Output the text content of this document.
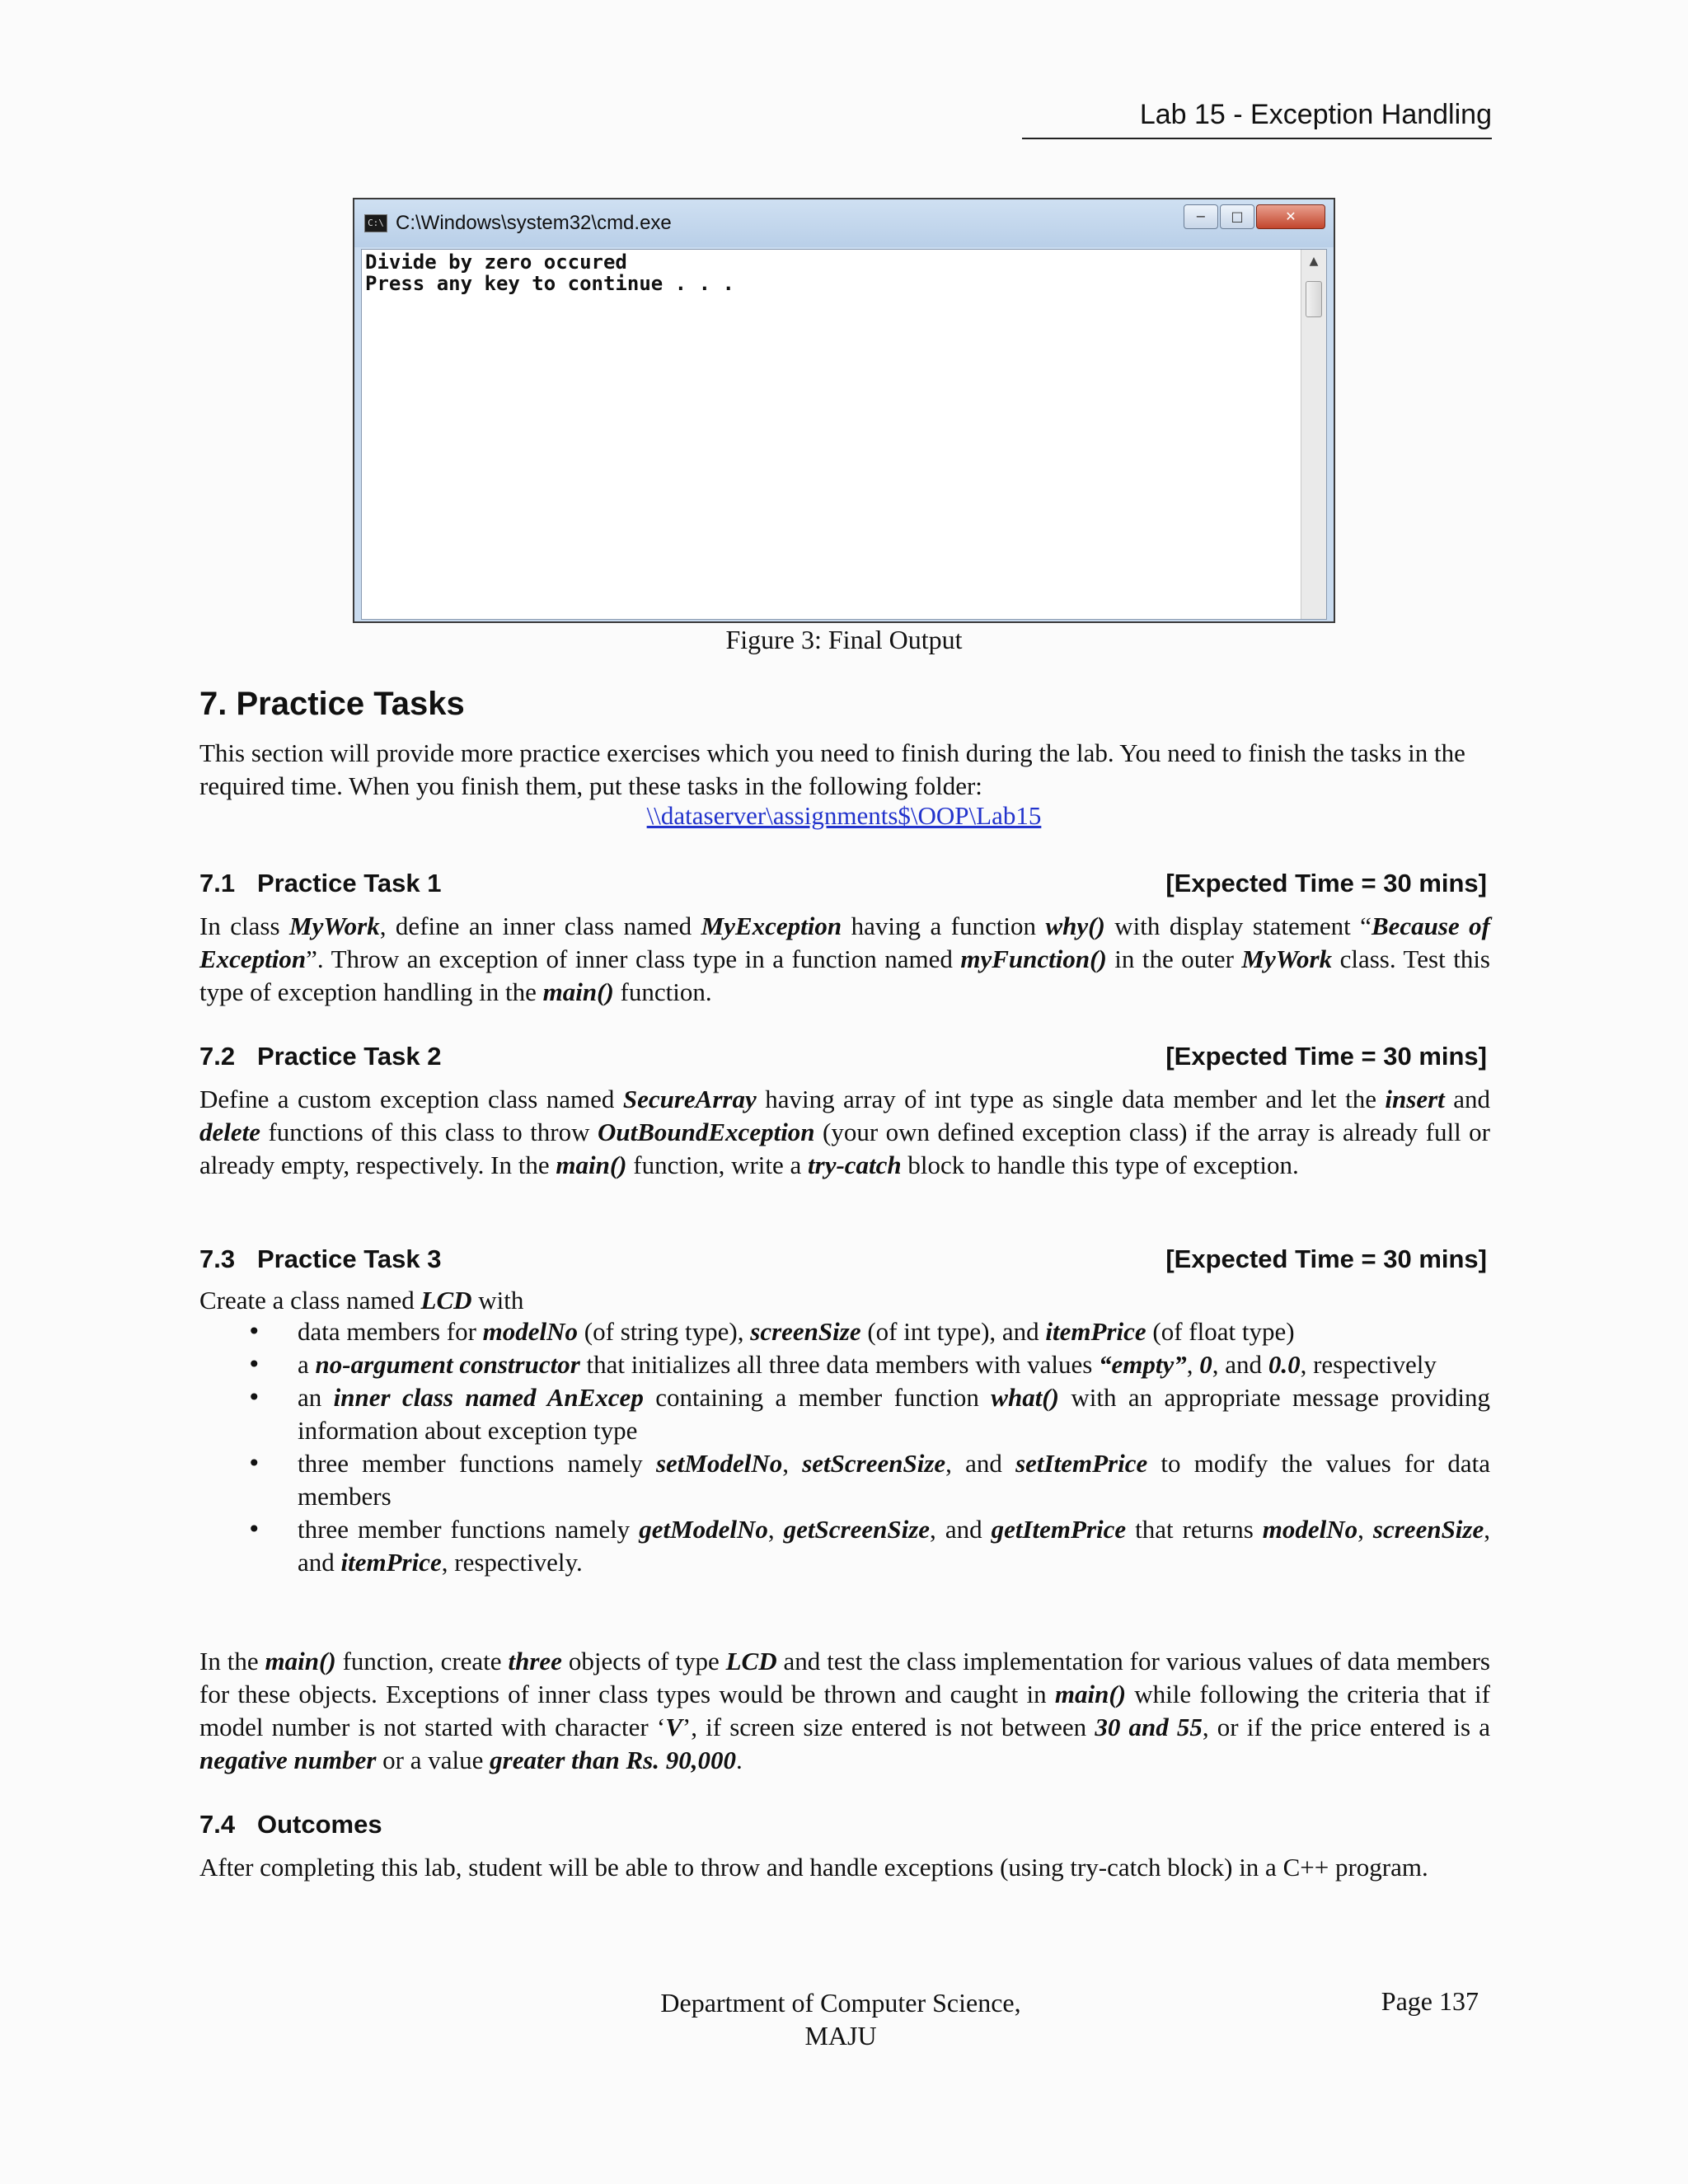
Lab 15 - Exception Handling
C:\ C:\Windows\system32\cmd.exe	−	□	✕
Divide by zero occured
Press any key to continue . . .
▲
Figure 3: Final Output
7. Practice Tasks
This section will provide more practice exercises which you need to finish during the lab. You need to finish the tasks in the required time. When you finish them, put these tasks in the following folder:
\\dataserver\assignments$\OOP\Lab15
7.1 Practice Task 1	[Expected Time = 30 mins]
In class MyWork, define an inner class named MyException having a function why() with display statement “Because of Exception”. Throw an exception of inner class type in a function named myFunction() in the outer MyWork class. Test this type of exception handling in the main() function.
7.2 Practice Task 2	[Expected Time = 30 mins]
Define a custom exception class named SecureArray having array of int type as single data member and let the insert and delete functions of this class to throw OutBoundException (your own defined exception class) if the array is already full or already empty, respectively. In the main() function, write a try-catch block to handle this type of exception.
7.3 Practice Task 3	[Expected Time = 30 mins]
Create a class named LCD with
• data members for modelNo (of string type), screenSize (of int type), and itemPrice (of float type)
• a no-argument constructor that initializes all three data members with values “empty”, 0, and 0.0, respectively
• an inner class named AnExcep containing a member function what() with an appropriate message providing information about exception type
• three member functions namely setModelNo, setScreenSize, and setItemPrice to modify the values for data members
• three member functions namely getModelNo, getScreenSize, and getItemPrice that returns modelNo, screenSize, and itemPrice, respectively.
In the main() function, create three objects of type LCD and test the class implementation for various values of data members for these objects. Exceptions of inner class types would be thrown and caught in main() while following the criteria that if model number is not started with character ‘V’, if screen size entered is not between 30 and 55, or if the price entered is a negative number or a value greater than Rs. 90,000.
7.4 Outcomes
After completing this lab, student will be able to throw and handle exceptions (using try-catch block) in a C++ program.
Department of Computer Science,
MAJU
Page 137
